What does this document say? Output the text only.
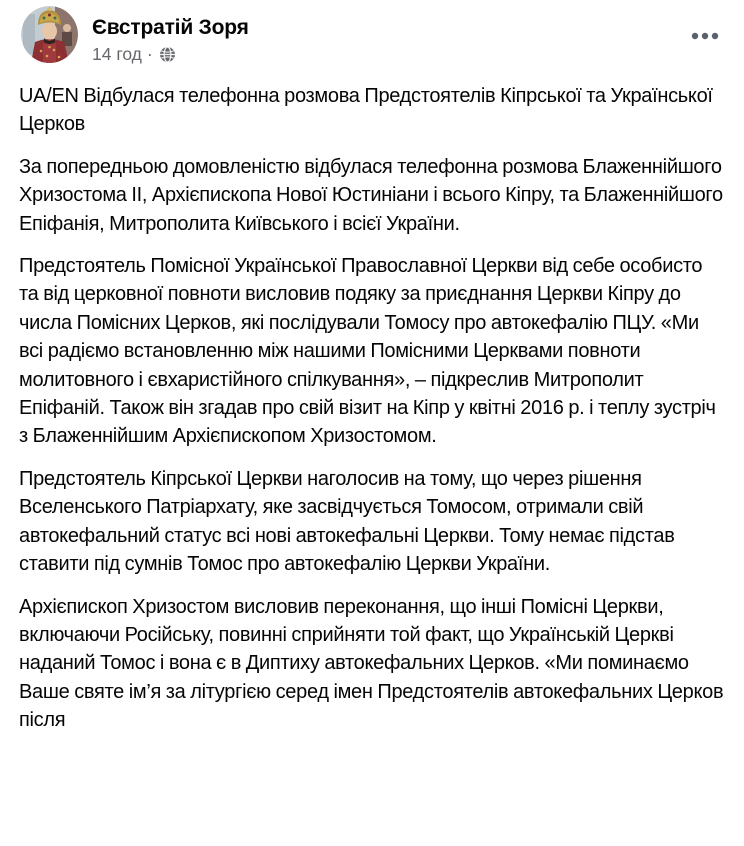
Євстратій Зоря
14 год ·

UA/EN Відбулася телефонна розмова Предстоятелів Кіпрської та Української Церков

За попередньою домовленістю відбулася телефонна розмова Блаженнійшого Хризостома II, Архієпископа Нової Юстиніани і всього Кіпру, та Блаженнійшого Епіфанія, Митрополита Київського і всієї України.

Предстоятель Помісної Української Православної Церкви від себе особисто та від церковної повноти висловив подяку за приєднання Церкви Кіпру до числа Помісних Церков, які послідували Томосу про автокефалію ПЦУ. «Ми всі радіємо встановленню між нашими Помісними Церквами повноти молитовного і євхаристійного спілкування», – підкреслив Митрополит Епіфаній. Також він згадав про свій візит на Кіпр у квітні 2016 р. і теплу зустріч з Блаженнійшим Архієпископом Хризостомом.

Предстоятель Кіпрської Церкви наголосив на тому, що через рішення Вселенського Патріархату, яке засвідчується Томосом, отримали свій автокефальний статус всі нові автокефальні Церкви. Тому немає підстав ставити під сумнів Томос про автокефалію Церкви України.

Архієпископ Хризостом висловив переконання, що інші Помісні Церкви, включаючи Російську, повинні сприйняти той факт, що Українській Церкві наданий Томос і вона є в Диптиху автокефальних Церков. «Ми поминаємо Ваше святе ім’я за літургією серед імен Предстоятелів автокефальних Церков після
